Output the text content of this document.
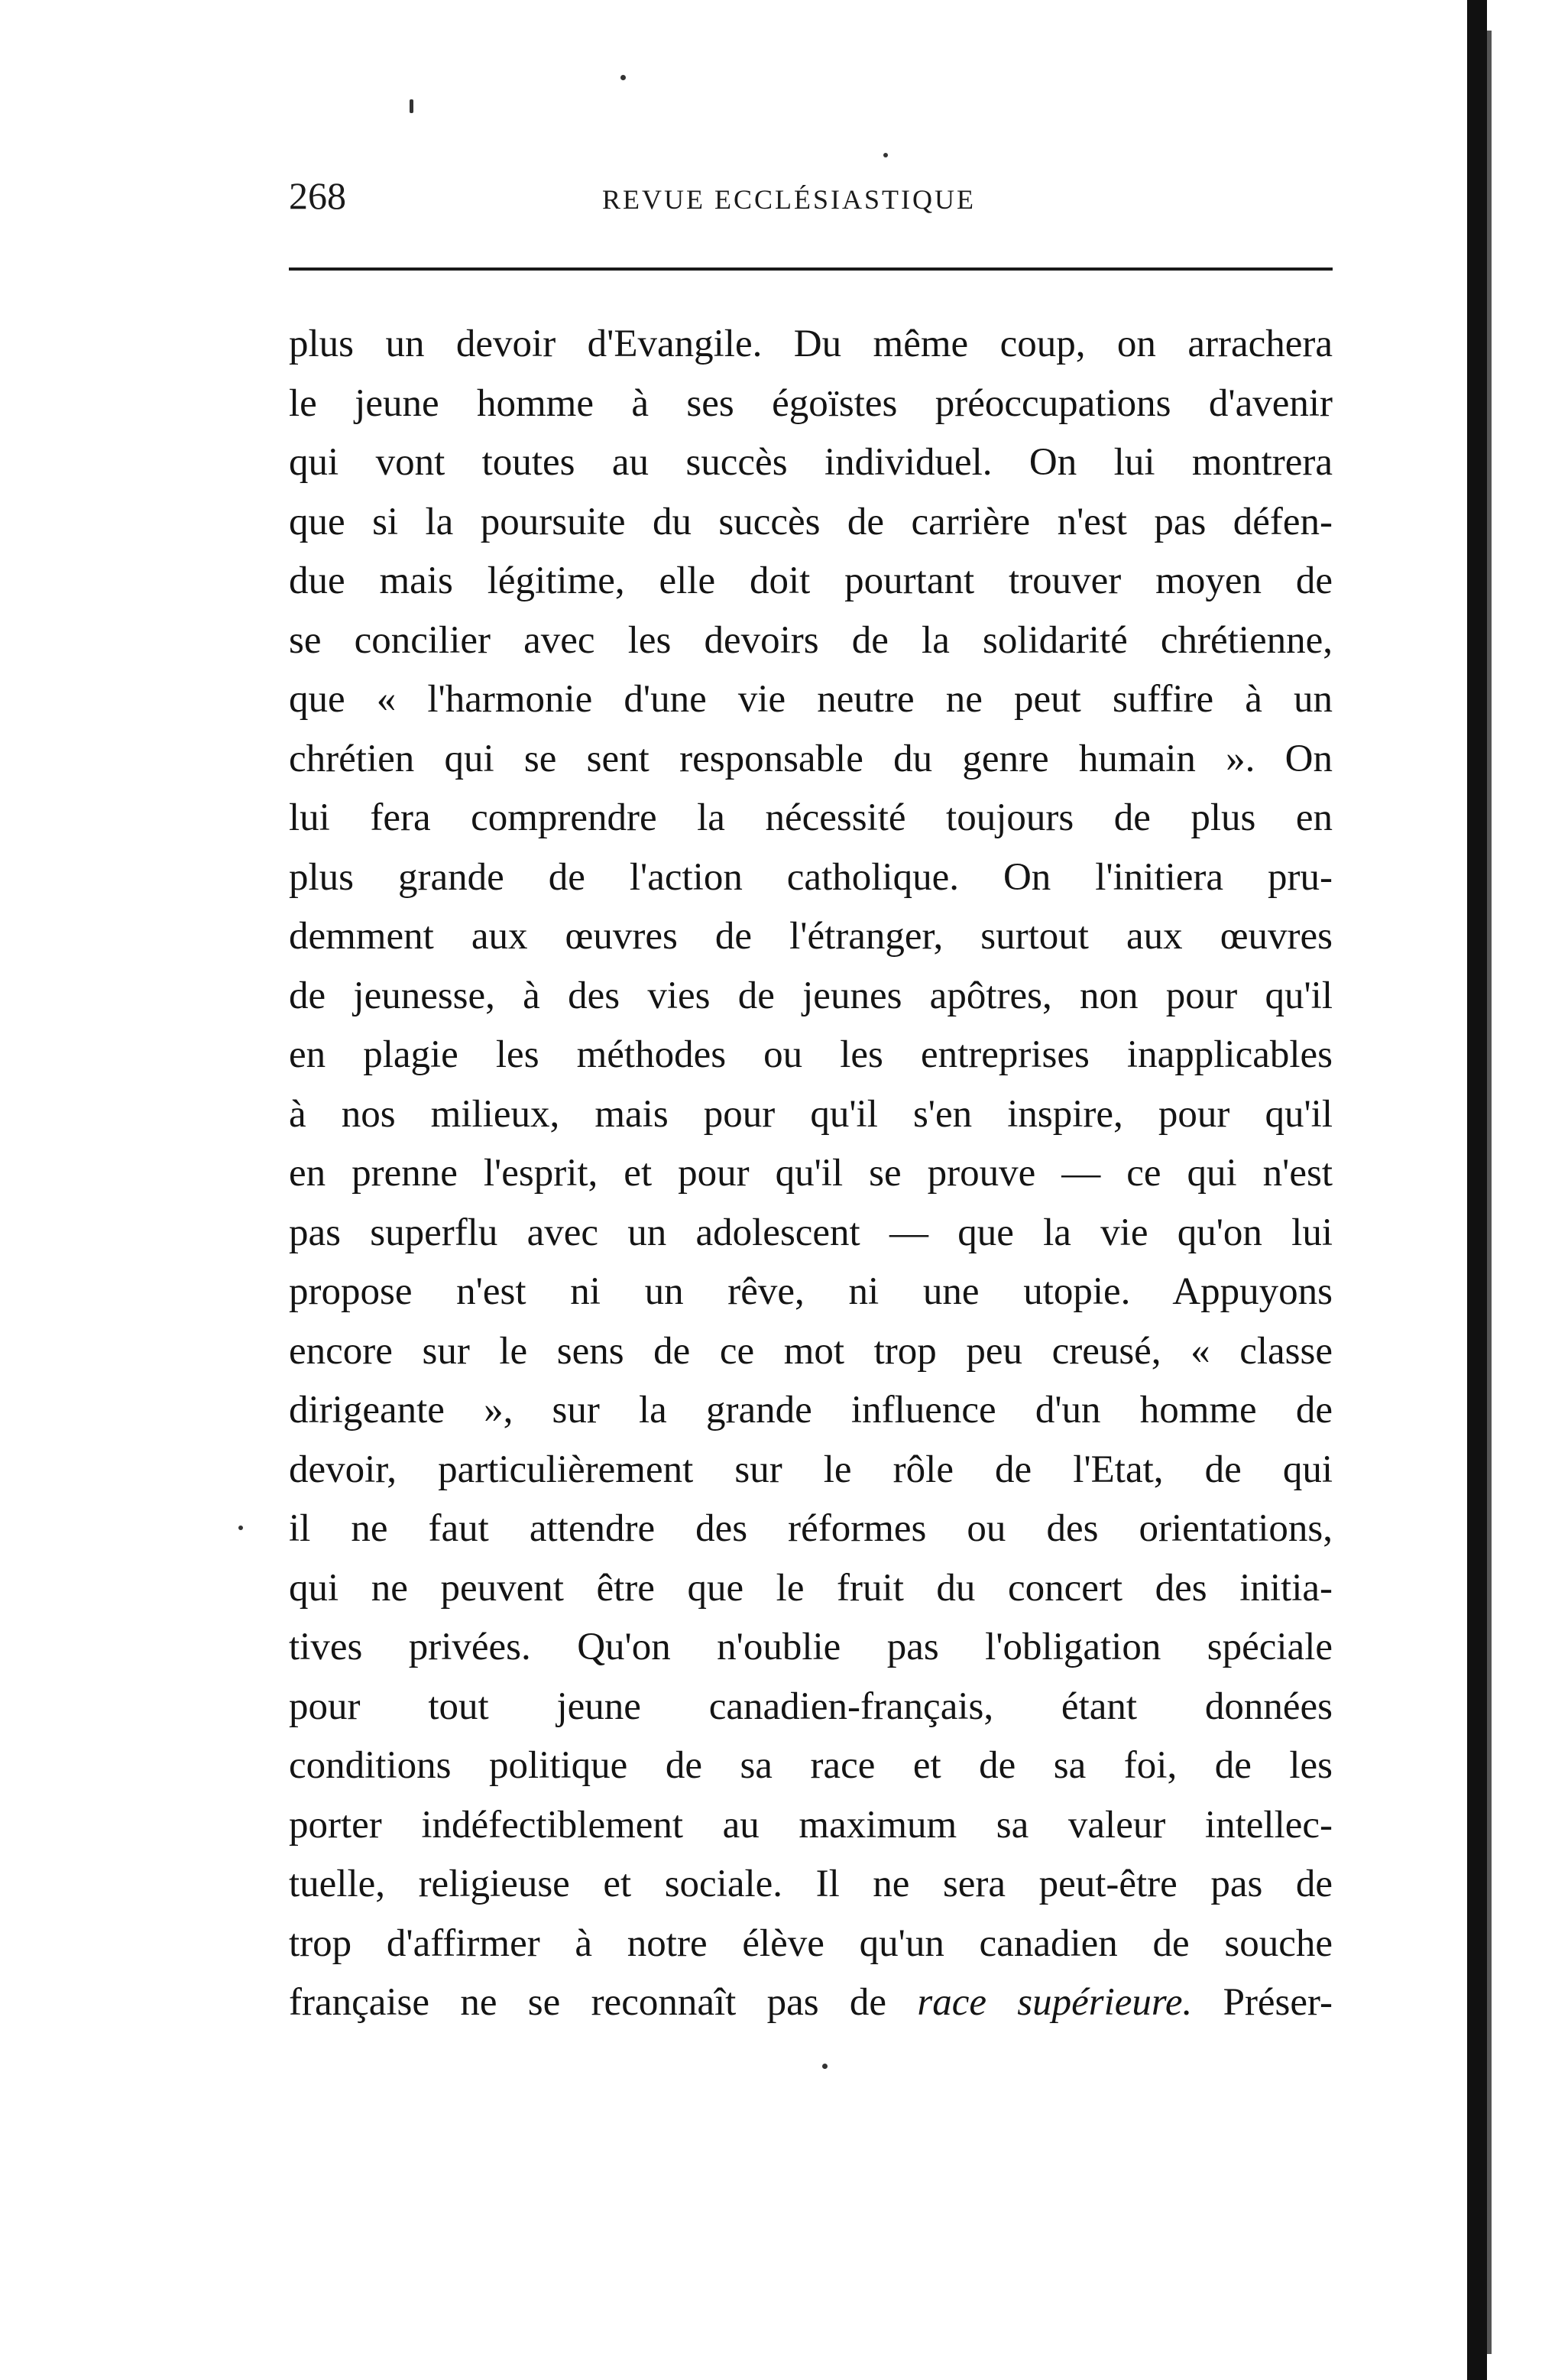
268	REVUE ECCLÉSIASTIQUE
plus un devoir d'Evangile. Du même coup, on arrachera
le jeune homme à ses égoïstes préoccupations d'avenir
qui vont toutes au succès individuel. On lui montrera
que si la poursuite du succès de carrière n'est pas défen-
due mais légitime, elle doit pourtant trouver moyen de
se concilier avec les devoirs de la solidarité chrétienne,
que « l'harmonie d'une vie neutre ne peut suffire à un
chrétien qui se sent responsable du genre humain ». On
lui fera comprendre la nécessité toujours de plus en
plus grande de l'action catholique. On l'initiera pru-
demment aux œuvres de l'étranger, surtout aux œuvres
de jeunesse, à des vies de jeunes apôtres, non pour qu'il
en plagie les méthodes ou les entreprises inapplicables
à nos milieux, mais pour qu'il s'en inspire, pour qu'il
en prenne l'esprit, et pour qu'il se prouve — ce qui n'est
pas superflu avec un adolescent — que la vie qu'on lui
propose n'est ni un rêve, ni une utopie. Appuyons
encore sur le sens de ce mot trop peu creusé, « classe
dirigeante », sur la grande influence d'un homme de
devoir, particulièrement sur le rôle de l'Etat, de qui
il ne faut attendre des réformes ou des orientations,
qui ne peuvent être que le fruit du concert des initia-
tives privées. Qu'on n'oublie pas l'obligation spéciale
pour tout jeune canadien-français, étant données
conditions politique de sa race et de sa foi, de les
porter indéfectiblement au maximum sa valeur intellec-
tuelle, religieuse et sociale. Il ne sera peut-être pas de
trop d'affirmer à notre élève qu'un canadien de souche
française ne se reconnaît pas de race supérieure. Préser-
